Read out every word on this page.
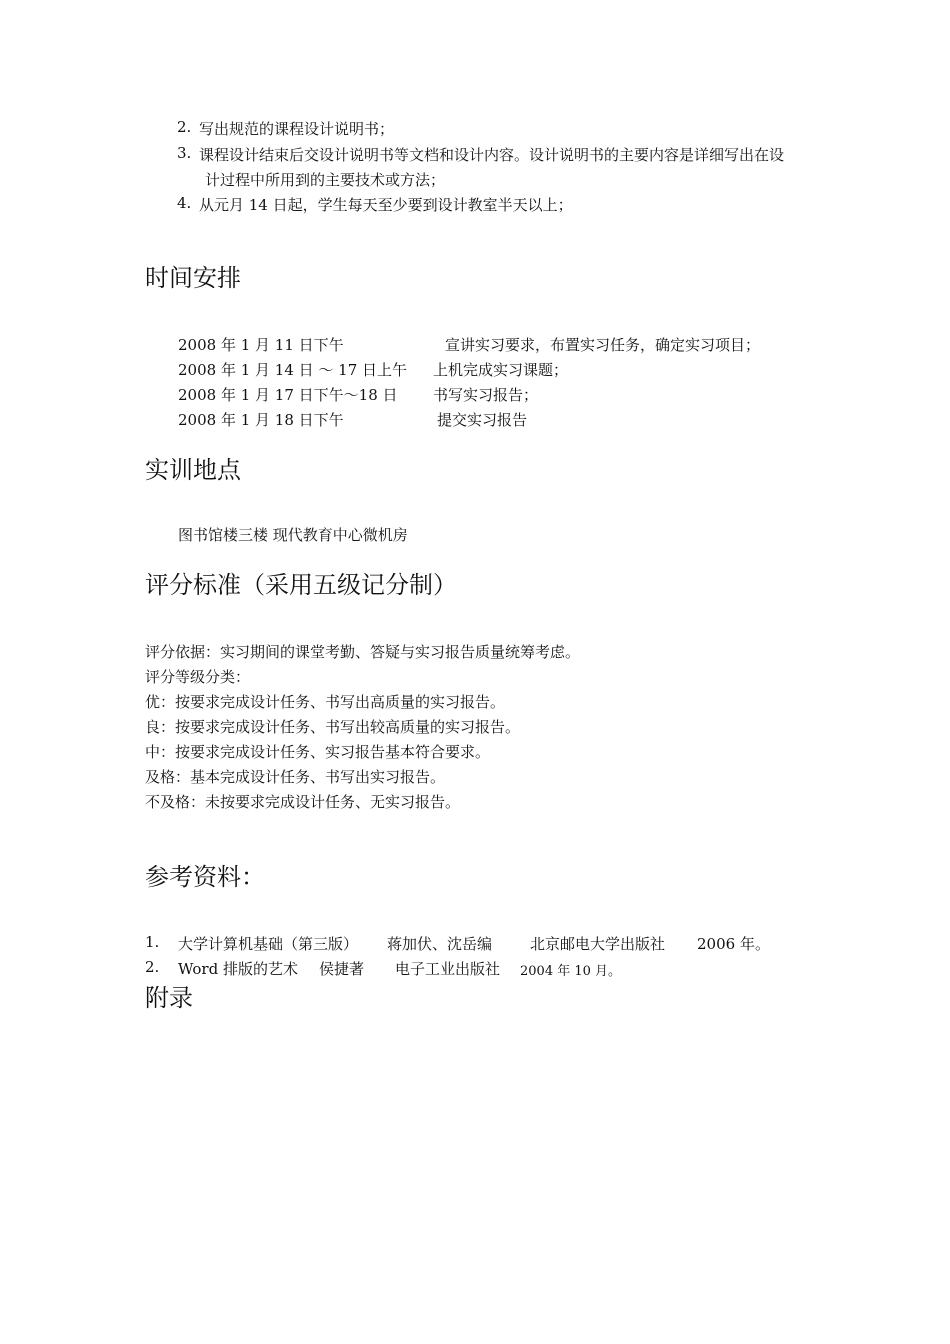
2. 写出规范的课程设计说明书；
3. 课程设计结束后交设计说明书等文档和设计内容。设计说明书的主要内容是详细写出在设
计过程中所用到的主要技术或方法；
4. 从元月 14 日起，学生每天至少要到设计教室半天以上；
时间安排
2008 年 1 月 11 日下午	宣讲实习要求，布置实习任务，确定实习项目；
2008 年 1 月 14 日 ～ 17 日上午 上机完成实习课题；
2008 年 1 月 17 日下午～18 日 书写实习报告；
2008 年 1 月 18 日下午	提交实习报告
实训地点
图书馆楼三楼 现代教育中心微机房
评分标准（采用五级记分制）
评分依据：实习期间的课堂考勤、答疑与实习报告质量统筹考虑。
评分等级分类：
优：按要求完成设计任务、书写出高质量的实习报告。
良：按要求完成设计任务、书写出较高质量的实习报告。
中：按要求完成设计任务、实习报告基本符合要求。
及格：基本完成设计任务、书写出实习报告。
不及格：未按要求完成设计任务、无实习报告。
参考资料：
1. 大学计算机基础（第三版） 蒋加伏、沈岳编	北京邮电大学出版社 2006 年。
2. Word 排版的艺术 侯捷著 电子工业出版社 2004 年 10 月。
附录
